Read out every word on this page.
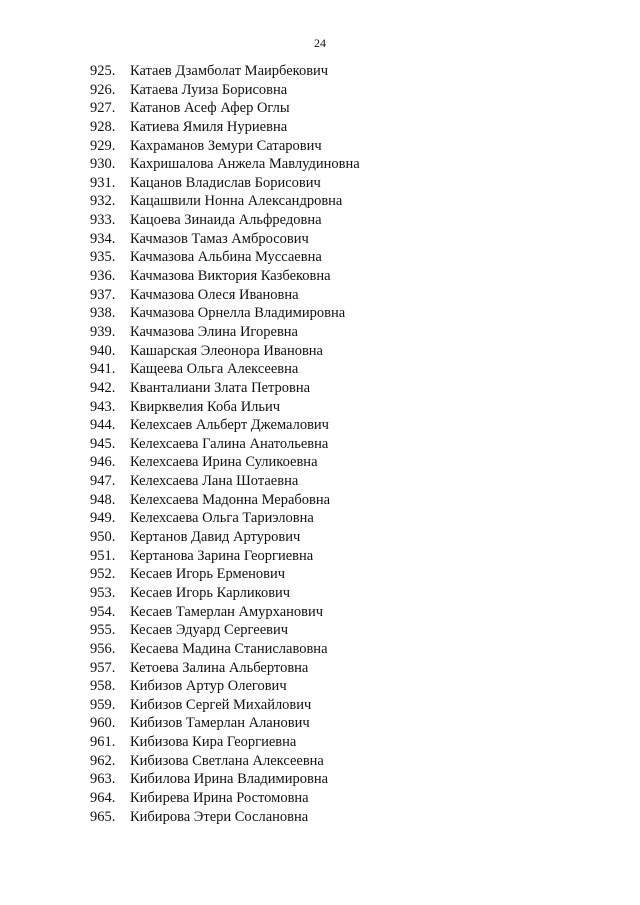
24
925.	Катаев Дзамболат Маирбекович
926.	Катаева Луиза Борисовна
927.	Катанов Асеф Афер Оглы
928.	Катиева Ямиля Нуриевна
929.	Кахраманов Земури Сатарович
930.	Кахришалова Анжела Мавлудиновна
931.	Кацанов Владислав Борисович
932.	Кацашвили Нонна Александровна
933.	Кацоева Зинаида Альфредовна
934.	Качмазов Тамаз Амбросович
935.	Качмазова Альбина Муссаевна
936.	Качмазова Виктория Казбековна
937.	Качмазова Олеся Ивановна
938.	Качмазова Орнелла Владимировна
939.	Качмазова Элина Игоревна
940.	Кашарская Элеонора Ивановна
941.	Кащеева Ольга Алексеевна
942.	Кванталиани Злата Петровна
943.	Квирквелия Коба Ильич
944.	Келехсаев Альберт Джемалович
945.	Келехсаева Галина Анатольевна
946.	Келехсаева Ирина Суликоевна
947.	Келехсаева Лана Шотаевна
948.	Келехсаева Мадонна Мерабовна
949.	Келехсаева Ольга Тариэловна
950.	Кертанов Давид Артурович
951.	Кертанова Зарина Георгиевна
952.	Кесаев Игорь Ерменович
953.	Кесаев Игорь Карликович
954.	Кесаев Тамерлан Амурханович
955.	Кесаев Эдуард Сергеевич
956.	Кесаева Мадина Станиславовна
957.	Кетоева Залина Альбертовна
958.	Кибизов Артур Олегович
959.	Кибизов Сергей Михайлович
960.	Кибизов Тамерлан Аланович
961.	Кибизова Кира Георгиевна
962.	Кибизова Светлана Алексеевна
963.	Кибилова Ирина Владимировна
964.	Кибирева Ирина Ростомовна
965.	Кибирова Этери Сослановна
